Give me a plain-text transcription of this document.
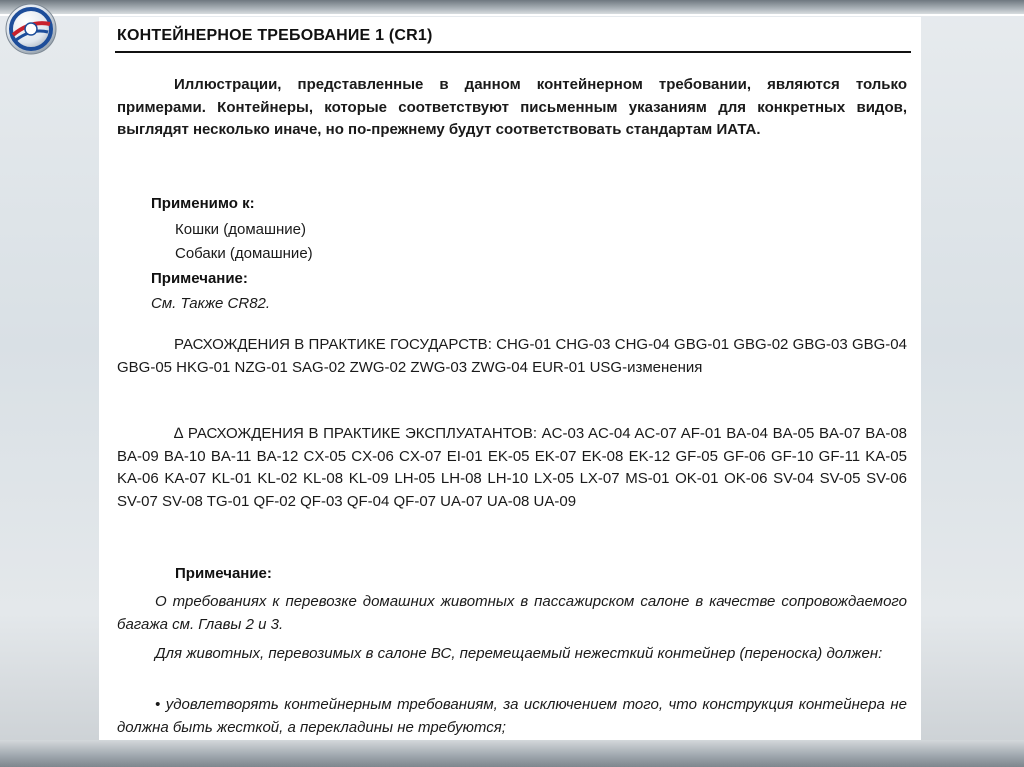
КОНТЕЙНЕРНОЕ ТРЕБОВАНИЕ 1 (CR1)
Иллюстрации, представленные в данном контейнерном требовании, являются только примерами. Контейнеры, которые соответствуют письменным указаниям для конкретных видов, выглядят несколько иначе, но по-прежнему будут соответствовать стандартам ИАТА.
Применимо к:
Кошки (домашние)
Собаки (домашние)
Примечание:
См. Также CR82.
РАСХОЖДЕНИЯ В ПРАКТИКЕ ГОСУДАРСТВ: CHG-01 CHG-03 CHG-04 GBG-01 GBG-02 GBG-03 GBG-04 GBG-05 HKG-01 NZG-01 SAG-02 ZWG-02 ZWG-03 ZWG-04 EUR-01 USG-изменения
∆ РАСХОЖДЕНИЯ В ПРАКТИКЕ ЭКСПЛУАТАНТОВ: AC-03 AC-04 AC-07 AF-01 BA-04 BA-05 BA-07 BA-08 BA-09 BA-10 BA-11 BA-12 CX-05 CX-06 CX-07 EI-01 EK-05 EK-07 EK-08 EK-12 GF-05 GF-06 GF-10 GF-11 KA-05 KA-06 KA-07 KL-01 KL-02 KL-08 KL-09 LH-05 LH-08 LH-10 LX-05 LX-07 MS-01 OK-01 OK-06 SV-04 SV-05 SV-06 SV-07 SV-08 TG-01 QF-02 QF-03 QF-04 QF-07 UA-07 UA-08 UA-09
Примечание:
О требованиях к перевозке домашних животных в пассажирском салоне в качестве сопровождаемого багажа см. Главы 2 и 3.
Для животных, перевозимых в салоне ВС, перемещаемый нежесткий контейнер (переноска) должен:
• удовлетворять контейнерным требованиям, за исключением того, что конструкция контейнера не должна быть жесткой, а перекладины не требуются;
